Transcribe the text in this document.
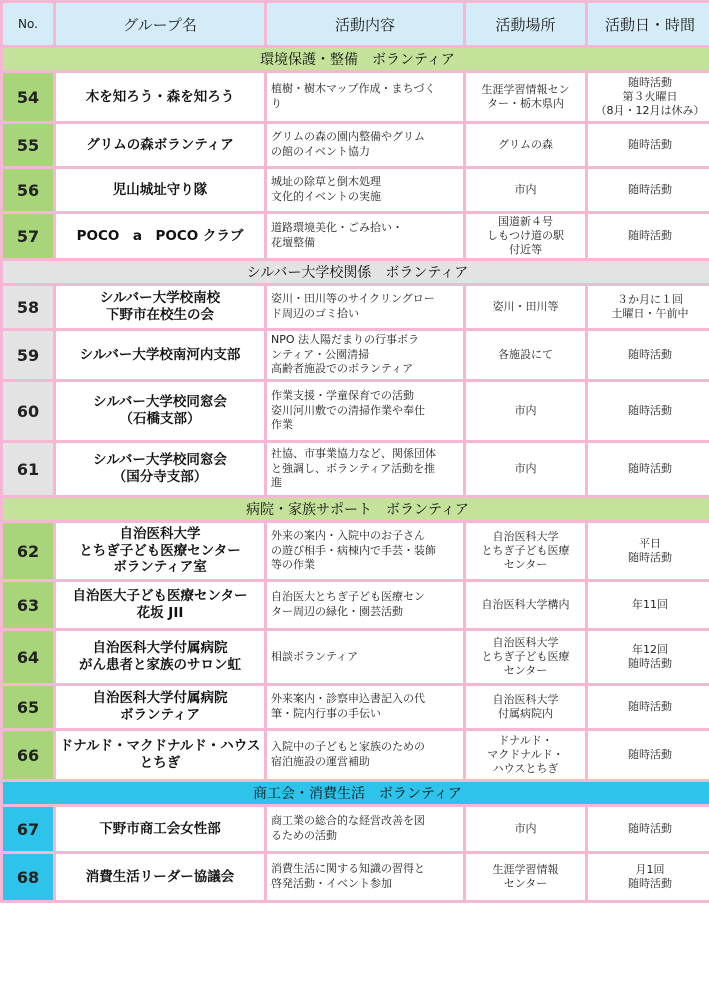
No.	グループ名	活動内容	活動場所	活動日・時間
環境保護・整備　ボランティア				
54	木を知ろう・森を知ろう	植樹・樹木マップ作成・まちづく
り	生涯学習情報セン
ター・栃木県内	随時活動
第３火曜日
（8月・12月は休み）

55	グリムの森ボランティア	グリムの森の園内整備やグリム
の館のイベント協力	グリムの森	随時活動

56	児山城址守り隊	城址の除草と倒木処理
文化的イベントの実施	市内	随時活動

57	POCO　a　POCO クラブ	道路環境美化・ごみ拾い・
花壇整備	国道新４号
しもつけ道の駅
付近等	随時活動

シルバー大学校関係　ボランティア				
58	シルバー大学校南校
下野市在校生の会	姿川・田川等のサイクリングロー
ド周辺のゴミ拾い	姿川・田川等	３か月に１回
土曜日・午前中

59	シルバー大学校南河内支部	NPO 法人陽だまりの行事ボラ
ンティア・公園清掃
高齢者施設でのボランティア	各施設にて	随時活動

60	シルバー大学校同窓会
（石橋支部）	作業支援・学童保育での活動
姿川河川敷での清掃作業や奉仕
作業	市内	随時活動

61	シルバー大学校同窓会
（国分寺支部）	社協、市事業協力など、関係団体
と強調し、ボランティア活動を推
進	市内	随時活動

病院・家族サポート　ボランティア				
62	自治医科大学
とちぎ子ども医療センター
ボランティア室	外来の案内・入院中のお子さん
の遊び相手・病棟内で手芸・装飾
等の作業	自治医科大学
とちぎ子ども医療
センター	平日
随時活動

63	自治医大子ども医療センター
花坂 JII	自治医大とちぎ子ども医療セン
ター周辺の緑化・園芸活動	自治医科大学構内	年11回

64	自治医科大学付属病院
がん患者と家族のサロン虹	相談ボランティア	自治医科大学
とちぎ子ども医療
センター	年12回
随時活動

65	自治医科大学付属病院
ボランティア	外来案内・診察申込書記入の代
筆・院内行事の手伝い	自治医科大学
付属病院内	随時活動

66	ドナルド・マクドナルド・ハウス
とちぎ	入院中の子どもと家族のための
宿泊施設の運営補助	ドナルド・
マクドナルド・
ハウスとちぎ	随時活動

商工会・消費生活　ボランティア				
67	下野市商工会女性部	商工業の総合的な経営改善を図
るための活動	市内	随時活動

68	消費生活リーダー協議会	消費生活に関する知識の習得と
啓発活動・イベント参加	生涯学習情報
センター	月1回
随時活動
